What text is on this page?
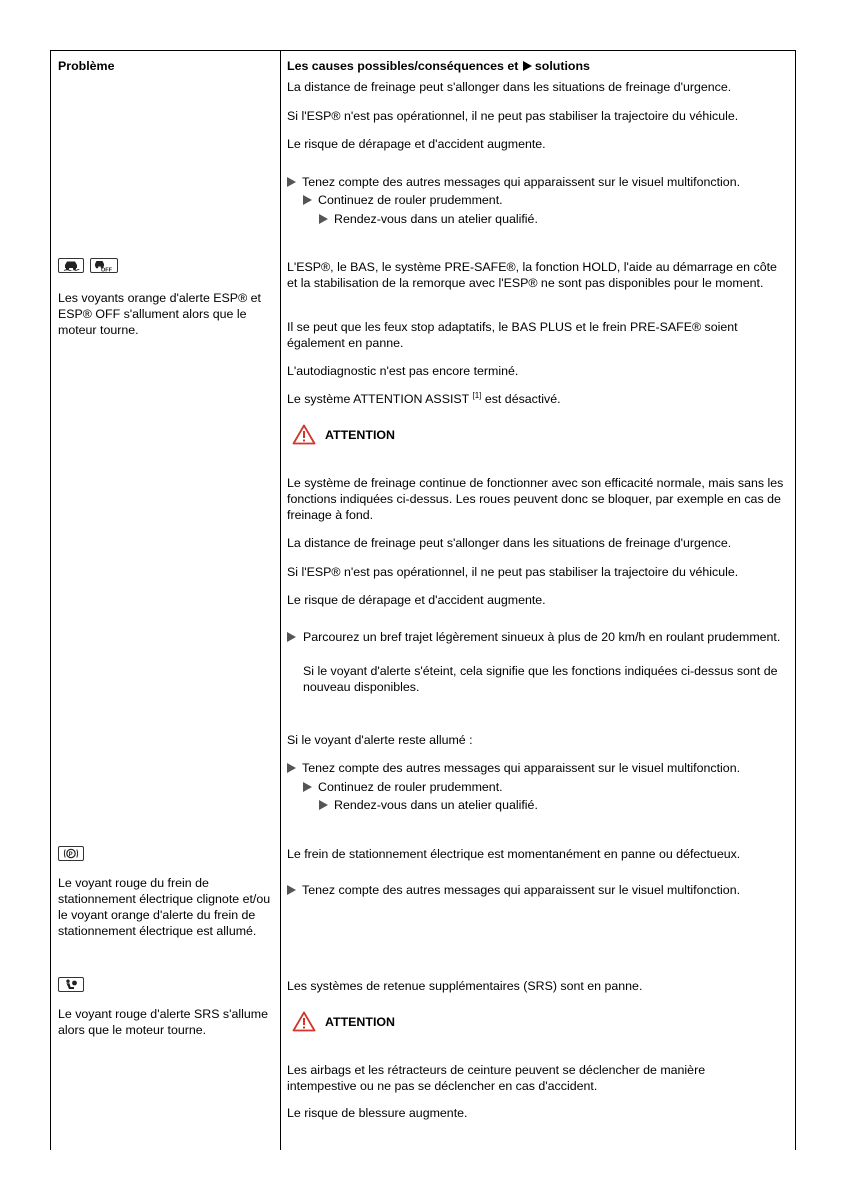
Problème	Les causes possibles/conséquences et solutions
La distance de freinage peut s'allonger dans les situations de freinage d'urgence.
Si l'ESP® n'est pas opérationnel, il ne peut pas stabiliser la trajectoire du véhicule.
Le risque de dérapage et d'accident augmente.
Tenez compte des autres messages qui apparaissent sur le visuel multifonction.
Continuez de rouler prudemment.
Rendez-vous dans un atelier qualifié.
OFF
Les voyants orange d'alerte ESP® et ESP® OFF s'allument alors que le moteur tourne.
L'ESP®, le BAS, le système PRE-SAFE®, la fonction HOLD, l'aide au démarrage en côte et la stabilisation de la remorque avec l'ESP® ne sont pas disponibles pour le moment.
Il se peut que les feux stop adaptatifs, le BAS PLUS et le frein PRE-SAFE® soient également en panne.
L'autodiagnostic n'est pas encore terminé.
Le système ATTENTION ASSIST [1] est désactivé.
ATTENTION
Le système de freinage continue de fonctionner avec son efficacité normale, mais sans les fonctions indiquées ci-dessus. Les roues peuvent donc se bloquer, par exemple en cas de freinage à fond.
La distance de freinage peut s'allonger dans les situations de freinage d'urgence.
Si l'ESP® n'est pas opérationnel, il ne peut pas stabiliser la trajectoire du véhicule.
Le risque de dérapage et d'accident augmente.
Parcourez un bref trajet légèrement sinueux à plus de 20 km/h en roulant prudemment.
Si le voyant d'alerte s'éteint, cela signifie que les fonctions indiquées ci-dessus sont de nouveau disponibles.
Si le voyant d'alerte reste allumé :
Tenez compte des autres messages qui apparaissent sur le visuel multifonction.
Continuez de rouler prudemment.
Rendez-vous dans un atelier qualifié.
P
Le voyant rouge du frein de stationnement électrique clignote et/ou le voyant orange d'alerte du frein de stationnement électrique est allumé.
Le frein de stationnement électrique est momentanément en panne ou défectueux.
Tenez compte des autres messages qui apparaissent sur le visuel multifonction.
Le voyant rouge d'alerte SRS s'allume alors que le moteur tourne.
Les systèmes de retenue supplémentaires (SRS) sont en panne.
ATTENTION
Les airbags et les rétracteurs de ceinture peuvent se déclencher de manière intempestive ou ne pas se déclencher en cas d'accident.
Le risque de blessure augmente.
